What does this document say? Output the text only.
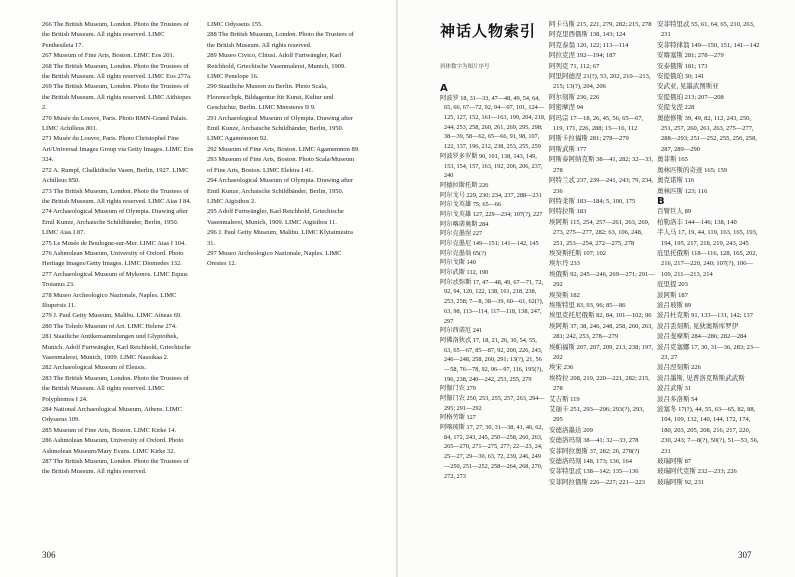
266 The British Museum, London. Photo the Trustees of the British Museum. All rights reserved. LIMC Penthesileia 17.

267 Museum of Fine Arts, Boston. LIMC Eos 201.

268 The British Museum, London. Photo the Trustees of the British Museum. All rights reserved. LIMC Eos 277a.

269 The British Museum, London. Photo the Trustees of the British Museum. All rights reserved. LIMC Aithiopes 2.

270 Musée du Louvre, Paris. Photo RMN-Grand Palais. LIMC Achilleus 801.

271 Musée du Louvre, Paris. Photo Christophel Fine Art/Universal Images Group via Getty Images. LIMC Eos 324.

272 A. Rumpf, Chalkidische Vasen, Berlin, 1927. LIMC Achilleus 850.

273 The British Museum, London. Photo the Trustees of the British Museum. All rights reserved. LIMC Aias I 84.

274 Archaeological Museum of Olympia. Drawing after Emil Kunze, Archaische Schildbänder, Berlin, 1950. LIMC Aias I 87.

275 Le Musée de Boulogne-sur-Mer. LIMC Aias I 104.

276 Ashmolean Museum, University of Oxford. Photo Heritage Images/Getty Images. LIMC Diomedes 132.

277 Archaeological Museum of Mykonos. LIMC Equus Troianus 23.

278 Museo Archeologico Nazionale, Naples. LIMC Iliupersis 11.

279 J. Paul Getty Museum, Malibu. LIMC Aineas 69.

280 The Toledo Museum of Art. LIMC Helene 274.

281 Staatliche Antikensammlungen und Glyptothek, Munich. Adolf Furtwängler, Karl Reichhold, Griechische Vasenmalerei, Munich, 1909. LIMC Nausikaa 2.

282 Archaeological Museum of Eleusis.

283 The British Museum, London. Photo the Trustees of the British Museum. All rights reserved. LIMC Polyphemos I 24.

284 National Archaeological Museum, Athens. LIMC Odysseus 109.

285 Museum of Fine Arts, Boston. LIMC Kirke 14.

286 Ashmolean Museum, University of Oxford. Photo Ashmolean Museum/Mary Evans. LIMC Kirke 32.

287 The British Museum, London. Photo the Trustees of the British Museum. All rights reserved.

LIMC Odysseus 155.

288 The British Museum, London. Photo the Trustees of the British Museum. All rights reserved.

289 Museo Civico, Chiusi. Adolf Furtwängler, Karl Reichhold, Griechische Vasenmalerei, Munich, 1909. LIMC Penelope 16.

290 Staatliche Museen zu Berlin. Photo Scala, Florence/bpk, Bildagentur für Kunst, Kultur und Geschichte, Berlin. LIMC Mnesteres II 9.

291 Archaeological Museum of Olympia. Drawing after Emil Kunze, Archaische Schildbänder, Berlin, 1950. LIMC Agamemnon 92.

292 Museum of Fine Arts, Boston. LIMC Agamemnon 89.

293 Museum of Fine Arts, Boston. Photo Scala/Museum of Fine Arts, Boston. LIMC Elektra I 41.

294 Archaeological Museum of Olympia. Drawing after Emil Kunze, Archaische Schildbänder, Berlin, 1950. LIMC Aigisthos 2.

295 Adolf Furtwängler, Karl Reichhold, Griechische Vasenmalerei, Munich, 1909. LIMC Aigisthos 11.

296 J. Paul Getty Museum, Malibu. LIMC Klytaimestra 31.

297 Museo Archeologico Nazionale, Naples. LIMC Orestes 12.

306
神话人物索引
斜体数字为图片序号

A

阿波罗 18, 31—33, 47—48, 49, 54, 64, 65, 66, 67—72, 92, 94—97, 101, 124—125, 127, 152, 161—163, 199, 204, 218, 244, 253, 258, 260, 261, 269, 295, 298; 38—39, 58—62, 65—66, 91, 98, 107, 122, 137, 196, 212, 238, 253, 255, 259

阿波罗多罗斯 90, 101, 138, 143, 149, 153, 154, 157, 163, 192, 206, 206, 237, 240

阿德拉斯托斯 226

阿尔戈号 229, 230; 234, 237, 288—231

阿尔戈英雄 75; 65—66

阿尔戈英雄 127, 229—234; 107(?), 227

阿尔喀诺奥斯 284

阿尔克墨涅 227

阿尔克墨尼 149—151; 141—142, 145

阿尔克墨翁 65(?)

阿尔戈斯 140

阿尔武斯 112, 190

阿尔忒弥斯 17, 47—48, 49, 67—71, 72, 92, 94, 120, 122, 138, 161, 218, 238, 253, 258; 7—8, 38—39, 60—61, 62(?), 63, 98, 113—114, 117—118, 138, 247, 297

阿尔西诺厄 241

阿佛洛狄忒 17, 18, 21, 26, 30, 54, 55, 63, 65—67, 85—87, 92, 200, 226, 243, 246—248, 258, 260, 291; 13(?), 21, 56—58, 76—78, 92, 96—97, 116, 195(?), 196, 238, 240—242, 253, 255, 279

阿伽门农 279

阿伽门农 250, 253, 255, 257, 263, 294—295; 291—292

阿格劳斯 127

阿喀琉斯 17, 27, 30, 31—38, 41, 46, 62, 84, 172, 243, 245, 250—258, 260, 263, 265—270, 271—275, 277; 22—23, 24, 25—27, 29—30, 63, 72, 239, 246, 249—250, 251—252, 258—264, 268, 270, 272, 273

阿卡马斯 215, 221, 279, 282; 215, 278

阿克里西俄斯 138, 143; 124

阿克泰翁 120, 122; 113—114

阿拉克涅 192—194; 187

阿列克 71, 112; 67

阿里阿德涅 21(?), 53, 202, 210—213, 215; 13(?), 204, 206

阿尔刻斯 236, 226

阿密摩涅 94

阿玛宗 17—18, 26, 45, 56, 65—67, 119, 171, 226, 288; 15—16, 112

阿斯卡拉福斯 281; 278—279

阿斯武斯 177

阿斯泰阿纳克斯 38—41, 282; 32—33, 278

阿特兰忒 237, 239—241, 243; 79, 234, 236

阿特柔斯 183—184; 5, 100, 175

阿特拉斯 183

埃阿斯 115, 254, 257—261, 263, 269, 273, 275—277, 282; 63, 106, 248, 251, 253—254, 272—275, 278

埃癸斯托斯 107; 102

埃尔丹 233

埃俄斯 92, 245—246, 269—271; 291—292

埃癸斯 182

埃斯特里 83, 93, 96; 85—86

埃里克托尼俄斯 82, 84, 101—102; 96

埃阿斯 37, 38, 246, 248, 258, 260, 263, 281; 242, 253, 278—279

埃帕福斯 207, 207, 209, 213, 238; 197, 202

埃宋 236

埃特拉 208, 219, 220—221, 282; 215, 278

艾吉斯 119

艾丽卡 251, 293—296; 293(?), 293, 295

安德洛墨达 209

安德洛玛刻 38—41; 32—33, 278

安菲阿拉奥斯 37, 282; 26, 278(?)

安德洛玛刻 148, 173; 136, 164

安菲特里忒 138—142; 135—136

安菲阿拉俄斯 226—227; 221—223

安菲特里忒 55, 61, 64, 65, 210, 263, 231

安菲特律翁 149—150, 151; 141—142

安喀塞斯 281; 278—279

安泰俄斯 181; 173

安提俄珀 30; 141

安武亚, 见墨武图斯亚

安提俄珀 213; 207—208

安提戈涅 228

奥德修斯 39, 49, 82, 112, 243, 250, 251, 257, 260, 261, 263, 275—277, 288—293; 251—252, 255, 256, 258, 287, 289—290

奥菲斯 165

奥林匹斯的奇迹 165; 159

奥克诺斯 116

奥林匹斯 123; 116

B

百臂巨人 89

柏勒洛丰 144—146; 138, 140

半人马 17, 19, 44, 119, 163, 165, 193, 194, 195, 217, 218, 219, 243, 245

庇里托俄斯 118—116, 128, 165, 202, 216, 217—220, 240; 107(?), 106—109, 211—213, 214

庇里提 203

波阿斯 187

波吕玻斯 89

波吕杜克斯 91, 133—131, 142; 137

波吕丢刻斯, 见狄奥斯库罗伊

波吕斐摩斯 284—286; 282—284

波吕克塞娜 17, 30, 31—36, 283; 23—23, 27

波吕涅刻斯 226

波吕墨斯, 见普洛克斯斯武武斯

波吕武斯 31

波吕多洛斯 54

波塞冬 17(?), 44, 55, 63—65, 82, 88, 104, 109, 132, 140, 144, 172, 174, 180, 203, 205, 208, 216, 217, 220, 230, 243; 7—8(?), 50(?), 51—53, 56, 231

玻瑞阿斯 87

玻瑞阿代克斯 232—233; 226

玻瑞阿斯 92, 231

307
